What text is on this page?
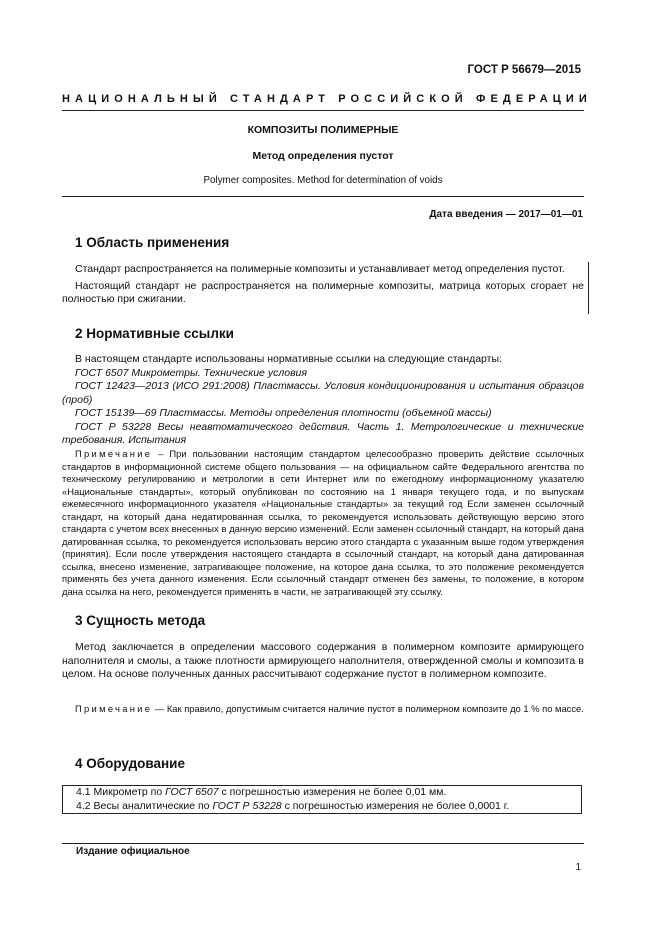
ГОСТ Р 56679—2015
НАЦИОНАЛЬНЫЙ СТАНДАРТ РОССИЙСКОЙ ФЕДЕРАЦИИ
КОМПОЗИТЫ ПОЛИМЕРНЫЕ
Метод определения пустот
Polymer composites. Method for determination of voids
Дата введения — 2017—01—01
1 Область применения

Стандарт распространяется на полимерные композиты и устанавливает метод определения пустот.

Настоящий стандарт не распространяется на полимерные композиты, матрица которых сгорает не полностью при сжигании.

2 Нормативные ссылки

В настоящем стандарте использованы нормативные ссылки на следующие стандарты:

ГОСТ 6507 Микрометры. Технические условия

ГОСТ 12423—2013 (ИСО 291:2008) Пластмассы. Условия кондиционирования и испытания образцов (проб)

ГОСТ 15139—69 Пластмассы. Методы определения плотности (объемной массы)

ГОСТ Р 53228 Весы неавтоматического действия. Часть 1. Метрологические и технические требования. Испытания

Примечание – При пользовании настоящим стандартом целесообразно проверить действие ссылочных стандартов в информационной системе общего пользования — на официальном сайте Федерального агентства по техническому регулированию и метрологии в сети Интернет или по ежегодному информационному указателю «Национальные стандарты», который опубликован по состоянию на 1 января текущего года, и по выпускам ежемесячного информационного указателя «Национальные стандарты» за текущий год Если заменен ссылочный стандарт, на который дана недатированная ссылка, то рекомендуется использовать действующую версию этого стандарта с учетом всех внесенных в данную версию изменений. Если заменен ссылочный стандарт, на который дана датированная ссылка, то рекомендуется использовать версию этого стандарта с указанным выше годом утверждения (принятия). Если после утверждения настоящего стандарта в ссылочный стандарт, на который дана датированная ссылка, внесено изменение, затрагивающее положение, на которое дана ссылка, то это положение рекомендуется применять без учета данного изменения. Если ссылочный стандарт отменен без замены, то положение, в котором дана ссылка на него, рекомендуется применять в части, не затрагивающей эту ссылку.
3 Сущность метода

Метод заключается в определении массового содержания в полимерном композите армирующего наполнителя и смолы, а также плотности армирующего наполнителя, отвержденной смолы и композита в целом. На основе полученных данных рассчитывают содержание пустот в полимерном композите.

Примечание — Как правило, допустимым считается наличие пустот в полимерном композите до 1 % по массе.
4 Оборудование
4.1 Микрометр по ГОСТ 6507 с погрешностью измерения не более 0,01 мм.
4.2 Весы аналитические по ГОСТ Р 53228 с погрешностью измерения не более 0,0001 г.
Издание официальное
1
